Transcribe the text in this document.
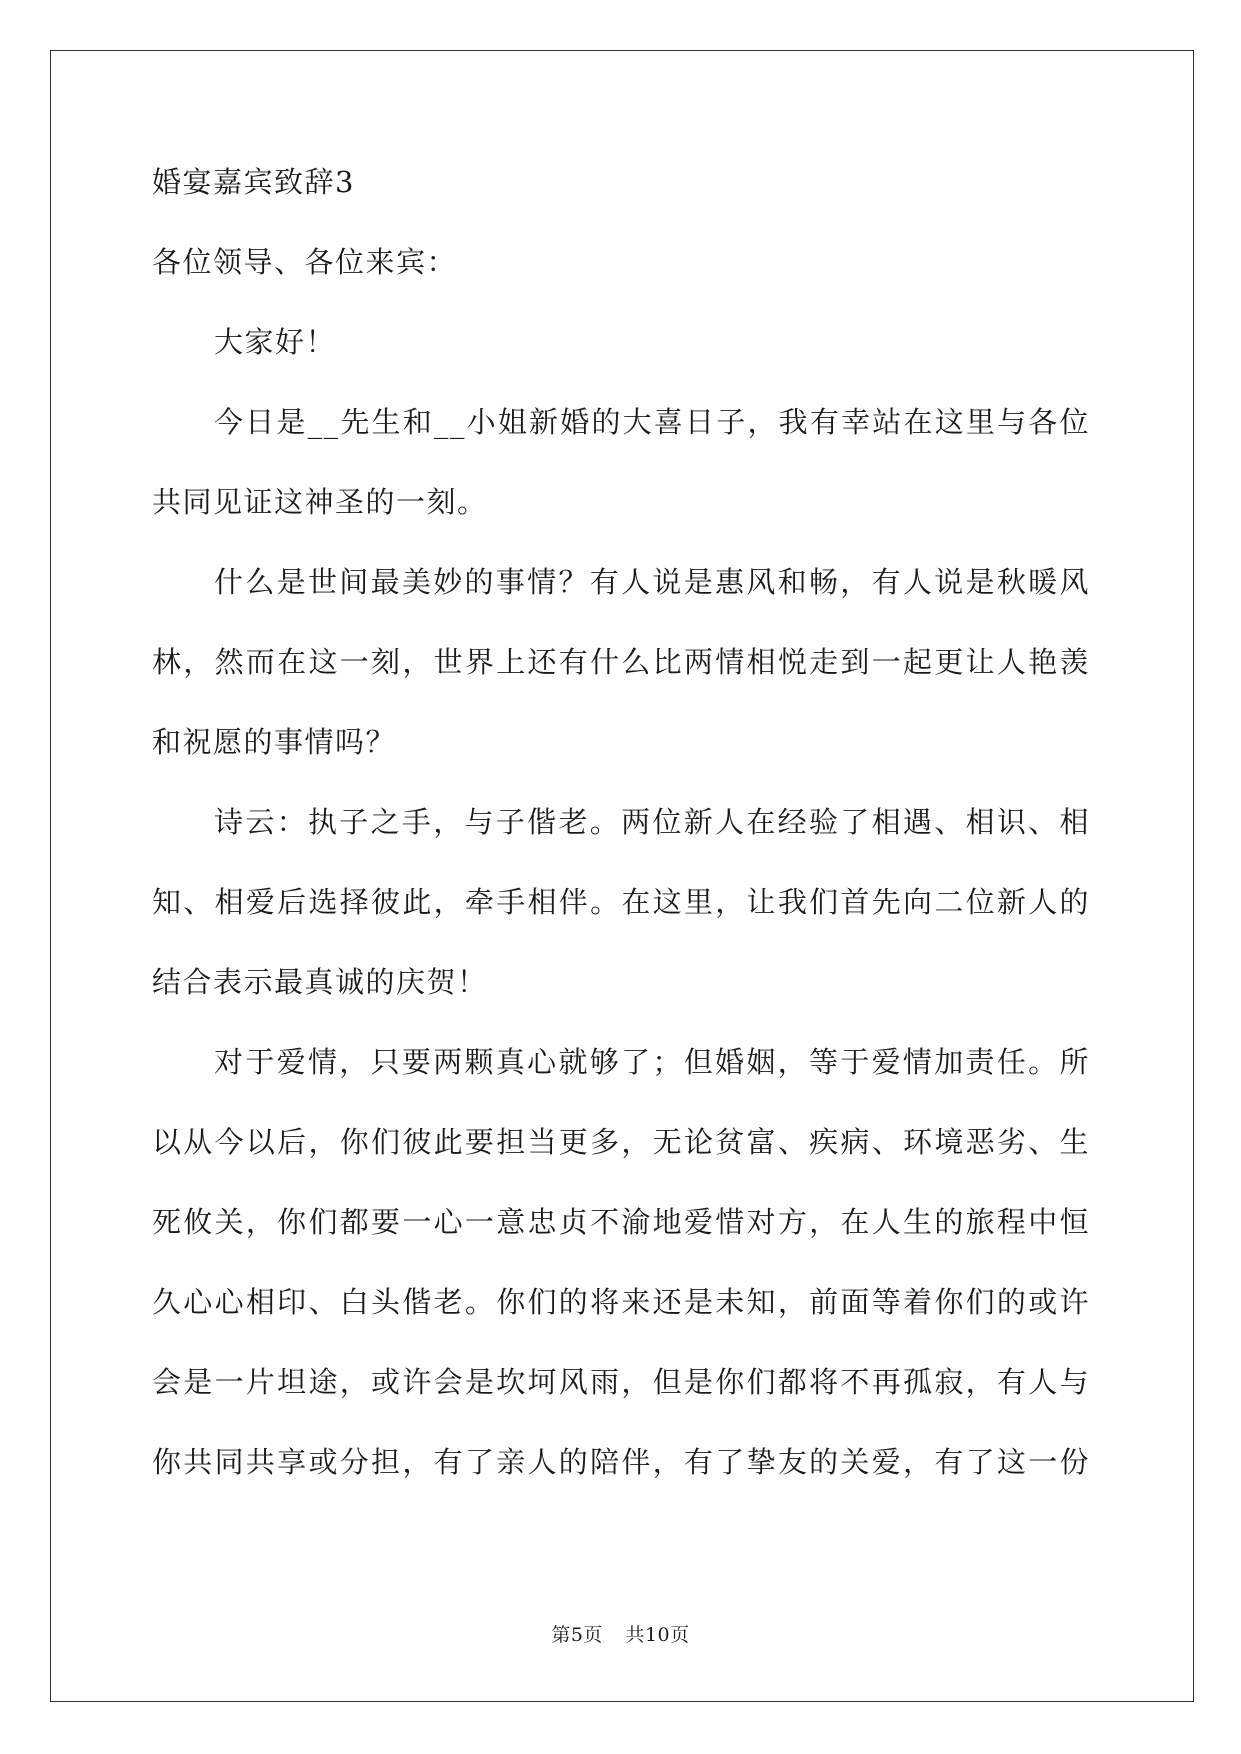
婚宴嘉宾致辞3
各位领导、各位来宾：
大家好！
今日是__先生和__小姐新婚的大喜日子，我有幸站在这里与各位
共同见证这神圣的一刻。
什么是世间最美妙的事情？有人说是惠风和畅，有人说是秋暖风
林，然而在这一刻，世界上还有什么比两情相悦走到一起更让人艳羡
和祝愿的事情吗？
诗云：执子之手，与子偕老。两位新人在经验了相遇、相识、相
知、相爱后选择彼此，牵手相伴。在这里，让我们首先向二位新人的
结合表示最真诚的庆贺！
对于爱情，只要两颗真心就够了；但婚姻，等于爱情加责任。所
以从今以后，你们彼此要担当更多，无论贫富、疾病、环境恶劣、生
死攸关，你们都要一心一意忠贞不渝地爱惜对方，在人生的旅程中恒
久心心相印、白头偕老。你们的将来还是未知，前面等着你们的或许
会是一片坦途，或许会是坎坷风雨，但是你们都将不再孤寂，有人与
你共同共享或分担，有了亲人的陪伴，有了挚友的关爱，有了这一份
第5页 共10页
